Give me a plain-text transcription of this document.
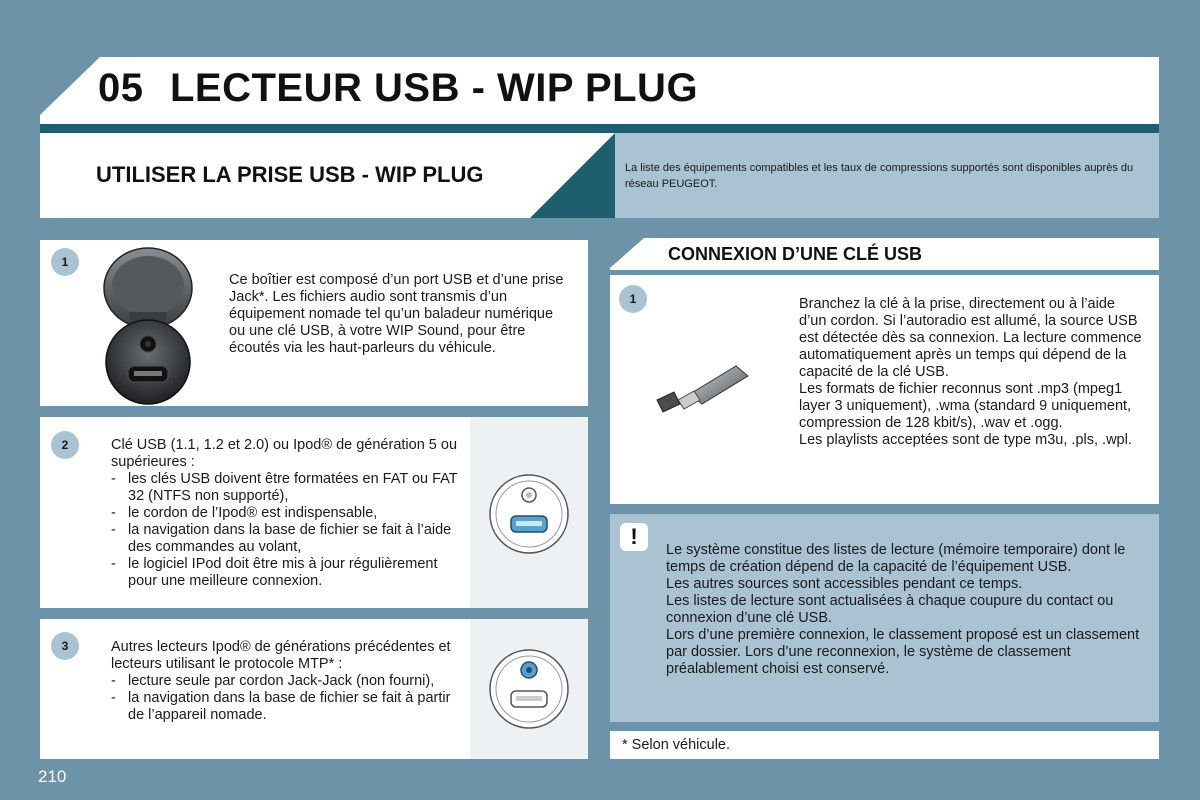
05 LECTEUR USB - WIP PLUG
UTILISER LA PRISE USB - WIP PLUG	La liste des équipements compatibles et les taux de compressions supportés sont disponibles auprès du réseau PEUGEOT.
1
Ce boîtier est composé d’un port USB et d’une prise Jack*. Les fichiers audio sont transmis d’un équipement nomade tel qu’un baladeur numérique ou une clé USB, à votre WIP Sound, pour être écoutés via les haut-parleurs du véhicule.
2	Clé USB (1.1, 1.2 et 2.0) ou Ipod® de génération 5 ou supérieures :
- les clés USB doivent être formatées en FAT ou FAT 32 (NTFS non supporté),
- le cordon de l’Ipod® est indispensable,
- la navigation dans la base de fichier se fait à l’aide des commandes au volant,
- le logiciel IPod doit être mis à jour régulièrement pour une meilleure connexion.
3	Autres lecteurs Ipod® de générations précédentes et lecteurs utilisant le protocole MTP* :
- lecture seule par cordon Jack-Jack (non fourni),
- la navigation dans la base de fichier se fait à partir de l’appareil nomade.
CONNEXION D’UNE CLÉ USB
1	Branchez la clé à la prise, directement ou à l’aide d’un cordon. Si l’autoradio est allumé, la source USB est détectée dès sa connexion. La lecture commence automatiquement après un temps qui dépend de la capacité de la clé USB.
Les formats de fichier reconnus sont .mp3 (mpeg1 layer 3 uniquement), .wma (standard 9 uniquement, compression de 128 kbit/s), .wav et .ogg.
Les playlists acceptées sont de type m3u, .pls, .wpl.
!
Le système constitue des listes de lecture (mémoire temporaire) dont le temps de création dépend de la capacité de l’équipement USB.
Les autres sources sont accessibles pendant ce temps.
Les listes de lecture sont actualisées à chaque coupure du contact ou connexion d’une clé USB.
Lors d’une première connexion, le classement proposé est un classement par dossier. Lors d’une reconnexion, le système de classement préalablement choisi est conservé.
* Selon véhicule.
210
